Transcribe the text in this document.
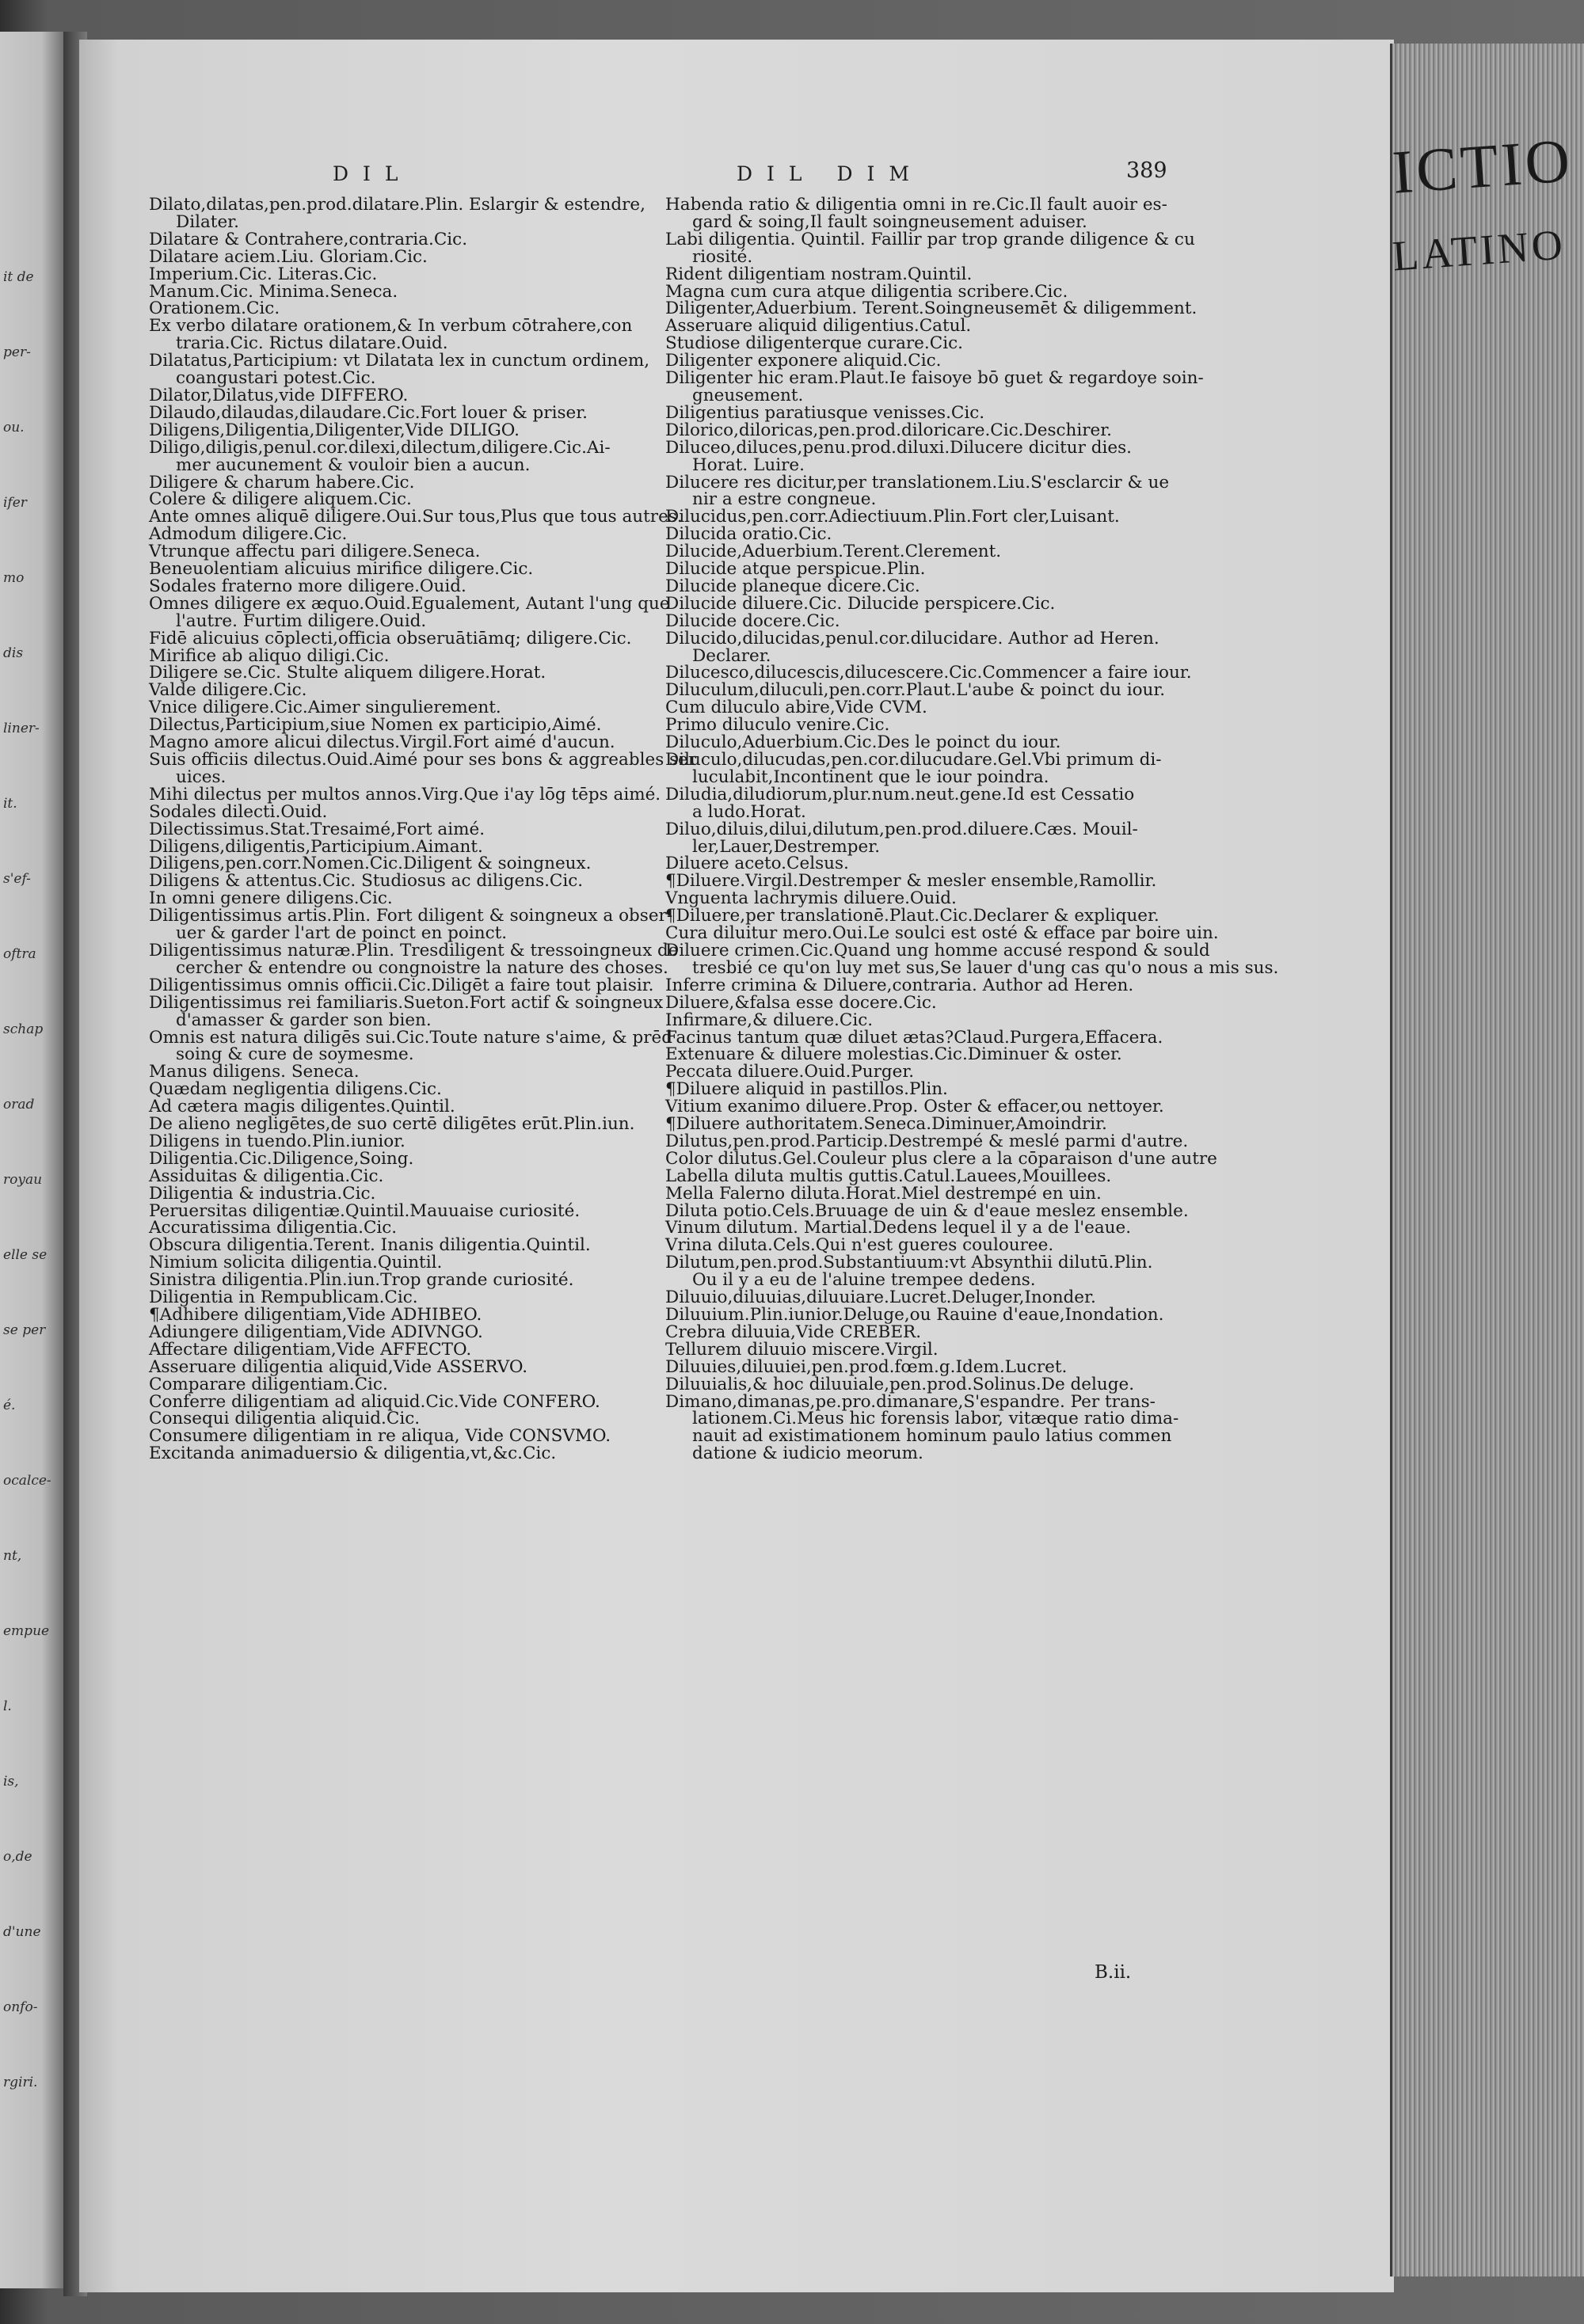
it de
per-
ou.
ifer
mo
dis
liner-
it.
s'ef-
oftra
schap
orad
royau
elle se
se per
é.
ocalce-
nt,
empue
l.
is,
o,de
d'une
onfo-
rgiri.
DIL	DIL DIM	389
Dilato,dilatas,pen.prod.dilatare.Plin. Eslargir & estendre,
Dilater.
Dilatare & Contrahere,contraria.Cic.
Dilatare aciem.Liu. Gloriam.Cic.
Imperium.Cic. Literas.Cic.
Manum.Cic. Minima.Seneca.
Orationem.Cic.
Ex verbo dilatare orationem,& In verbum cōtrahere,con
traria.Cic. Rictus dilatare.Ouid.
Dilatatus,Participium: vt Dilatata lex in cunctum ordinem,
coangustari potest.Cic.
Dilator,Dilatus,vide DIFFERO.
Dilaudo,dilaudas,dilaudare.Cic.Fort louer & priser.
Diligens,Diligentia,Diligenter,Vide DILIGO.
Diligo,diligis,penul.cor.dilexi,dilectum,diligere.Cic.Ai-
mer aucunement & vouloir bien a aucun.
Diligere & charum habere.Cic.
Colere & diligere aliquem.Cic.
Ante omnes aliquē diligere.Oui.Sur tous,Plus que tous autres.
Admodum diligere.Cic.
Vtrunque affectu pari diligere.Seneca.
Beneuolentiam alicuius mirifice diligere.Cic.
Sodales fraterno more diligere.Ouid.
Omnes diligere ex æquo.Ouid.Egualement, Autant l'ung que
l'autre. Furtim diligere.Ouid.
Fidē alicuius cōplecti,officia obseruātiāmq; diligere.Cic.
Mirifice ab aliquo diligi.Cic.
Diligere se.Cic. Stulte aliquem diligere.Horat.
Valde diligere.Cic.
Vnice diligere.Cic.Aimer singulierement.
Dilectus,Participium,siue Nomen ex participio,Aimé.
Magno amore alicui dilectus.Virgil.Fort aimé d'aucun.
Suis officiis dilectus.Ouid.Aimé pour ses bons & aggreables ser
uices.
Mihi dilectus per multos annos.Virg.Que i'ay lōg tēps aimé.
Sodales dilecti.Ouid.
Dilectissimus.Stat.Tresaimé,Fort aimé.
Diligens,diligentis,Participium.Aimant.
Diligens,pen.corr.Nomen.Cic.Diligent & soingneux.
Diligens & attentus.Cic. Studiosus ac diligens.Cic.
In omni genere diligens.Cic.
Diligentissimus artis.Plin. Fort diligent & soingneux a obser-
uer & garder l'art de poinct en poinct.
Diligentissimus naturæ.Plin. Tresdiligent & tressoingneux de
cercher & entendre ou congnoistre la nature des choses.
Diligentissimus omnis officii.Cic.Diligēt a faire tout plaisir.
Diligentissimus rei familiaris.Sueton.Fort actif & soingneux
d'amasser & garder son bien.
Omnis est natura diligēs sui.Cic.Toute nature s'aime, & prēd
soing & cure de soymesme.
Manus diligens. Seneca.
Quædam negligentia diligens.Cic.
Ad cætera magis diligentes.Quintil.
De alieno negligētes,de suo certē diligētes erūt.Plin.iun.
Diligens in tuendo.Plin.iunior.
Diligentia.Cic.Diligence,Soing.
Assiduitas & diligentia.Cic.
Diligentia & industria.Cic.
Peruersitas diligentiæ.Quintil.Mauuaise curiosité.
Accuratissima diligentia.Cic.
Obscura diligentia.Terent. Inanis diligentia.Quintil.
Nimium solicita diligentia.Quintil.
Sinistra diligentia.Plin.iun.Trop grande curiosité.
Diligentia in Rempublicam.Cic.
¶Adhibere diligentiam,Vide ADHIBEO.
Adiungere diligentiam,Vide ADIVNGO.
Affectare diligentiam,Vide AFFECTO.
Asseruare diligentia aliquid,Vide ASSERVO.
Comparare diligentiam.Cic.
Conferre diligentiam ad aliquid.Cic.Vide CONFERO.
Consequi diligentia aliquid.Cic.
Consumere diligentiam in re aliqua, Vide CONSVMO.
Excitanda animaduersio & diligentia,vt,&c.Cic.
Habenda ratio & diligentia omni in re.Cic.Il fault auoir es-
gard & soing,Il fault soingneusement aduiser.
Labi diligentia. Quintil. Faillir par trop grande diligence & cu
riosité.
Rident diligentiam nostram.Quintil.
Magna cum cura atque diligentia scribere.Cic.
Diligenter,Aduerbium. Terent.Soingneusemēt & diligemment.
Asseruare aliquid diligentius.Catul.
Studiose diligenterque curare.Cic.
Diligenter exponere aliquid.Cic.
Diligenter hic eram.Plaut.Ie faisoye bō guet & regardoye soin-
gneusement.
Diligentius paratiusque venisses.Cic.
Dilorico,diloricas,pen.prod.diloricare.Cic.Deschirer.
Diluceo,diluces,penu.prod.diluxi.Dilucere dicitur dies.
Horat. Luire.
Dilucere res dicitur,per translationem.Liu.S'esclarcir & ue
nir a estre congneue.
Dilucidus,pen.corr.Adiectiuum.Plin.Fort cler,Luisant.
Dilucida oratio.Cic.
Dilucide,Aduerbium.Terent.Clerement.
Dilucide atque perspicue.Plin.
Dilucide planeque dicere.Cic.
Dilucide diluere.Cic. Dilucide perspicere.Cic.
Dilucide docere.Cic.
Dilucido,dilucidas,penul.cor.dilucidare. Author ad Heren.
Declarer.
Dilucesco,dilucescis,dilucescere.Cic.Commencer a faire iour.
Diluculum,diluculi,pen.corr.Plaut.L'aube & poinct du iour.
Cum diluculo abire,Vide CVM.
Primo diluculo venire.Cic.
Diluculo,Aduerbium.Cic.Des le poinct du iour.
Diluculo,dilucudas,pen.cor.dilucudare.Gel.Vbi primum di-
luculabit,Incontinent que le iour poindra.
Diludia,diludiorum,plur.num.neut.gene.Id est Cessatio
a ludo.Horat.
Diluo,diluis,dilui,dilutum,pen.prod.diluere.Cæs. Mouil-
ler,Lauer,Destremper.
Diluere aceto.Celsus.
¶Diluere.Virgil.Destremper & mesler ensemble,Ramollir.
Vnguenta lachrymis diluere.Ouid.
¶Diluere,per translationē.Plaut.Cic.Declarer & expliquer.
Cura diluitur mero.Oui.Le soulci est osté & efface par boire uin.
Diluere crimen.Cic.Quand ung homme accusé respond & sould
tresbié ce qu'on luy met sus,Se lauer d'ung cas qu'o nous a mis sus.
Inferre crimina & Diluere,contraria. Author ad Heren.
Diluere,&falsa esse docere.Cic.
Infirmare,& diluere.Cic.
Facinus tantum quæ diluet ætas?Claud.Purgera,Effacera.
Extenuare & diluere molestias.Cic.Diminuer & oster.
Peccata diluere.Ouid.Purger.
¶Diluere aliquid in pastillos.Plin.
Vitium exanimo diluere.Prop. Oster & effacer,ou nettoyer.
¶Diluere authoritatem.Seneca.Diminuer,Amoindrir.
Dilutus,pen.prod.Particip.Destrempé & meslé parmi d'autre.
Color dilutus.Gel.Couleur plus clere a la cōparaison d'une autre
Labella diluta multis guttis.Catul.Lauees,Mouillees.
Mella Falerno diluta.Horat.Miel destrempé en uin.
Diluta potio.Cels.Bruuage de uin & d'eaue meslez ensemble.
Vinum dilutum. Martial.Dedens lequel il y a de l'eaue.
Vrina diluta.Cels.Qui n'est gueres coulouree.
Dilutum,pen.prod.Substantiuum:vt Absynthii dilutū.Plin.
Ou il y a eu de l'aluine trempee dedens.
Diluuio,diluuias,diluuiare.Lucret.Deluger,Inonder.
Diluuium.Plin.iunior.Deluge,ou Rauine d'eaue,Inondation.
Crebra diluuia,Vide CREBER.
Tellurem diluuio miscere.Virgil.
Diluuies,diluuiei,pen.prod.fœm.g.Idem.Lucret.
Diluuialis,& hoc diluuiale,pen.prod.Solinus.De deluge.
Dimano,dimanas,pe.pro.dimanare,S'espandre. Per trans-
lationem.Ci.Meus hic forensis labor, vitæque ratio dima-
nauit ad existimationem hominum paulo latius commen
datione & iudicio meorum.
B.ii.
ICTIO
LATINO
